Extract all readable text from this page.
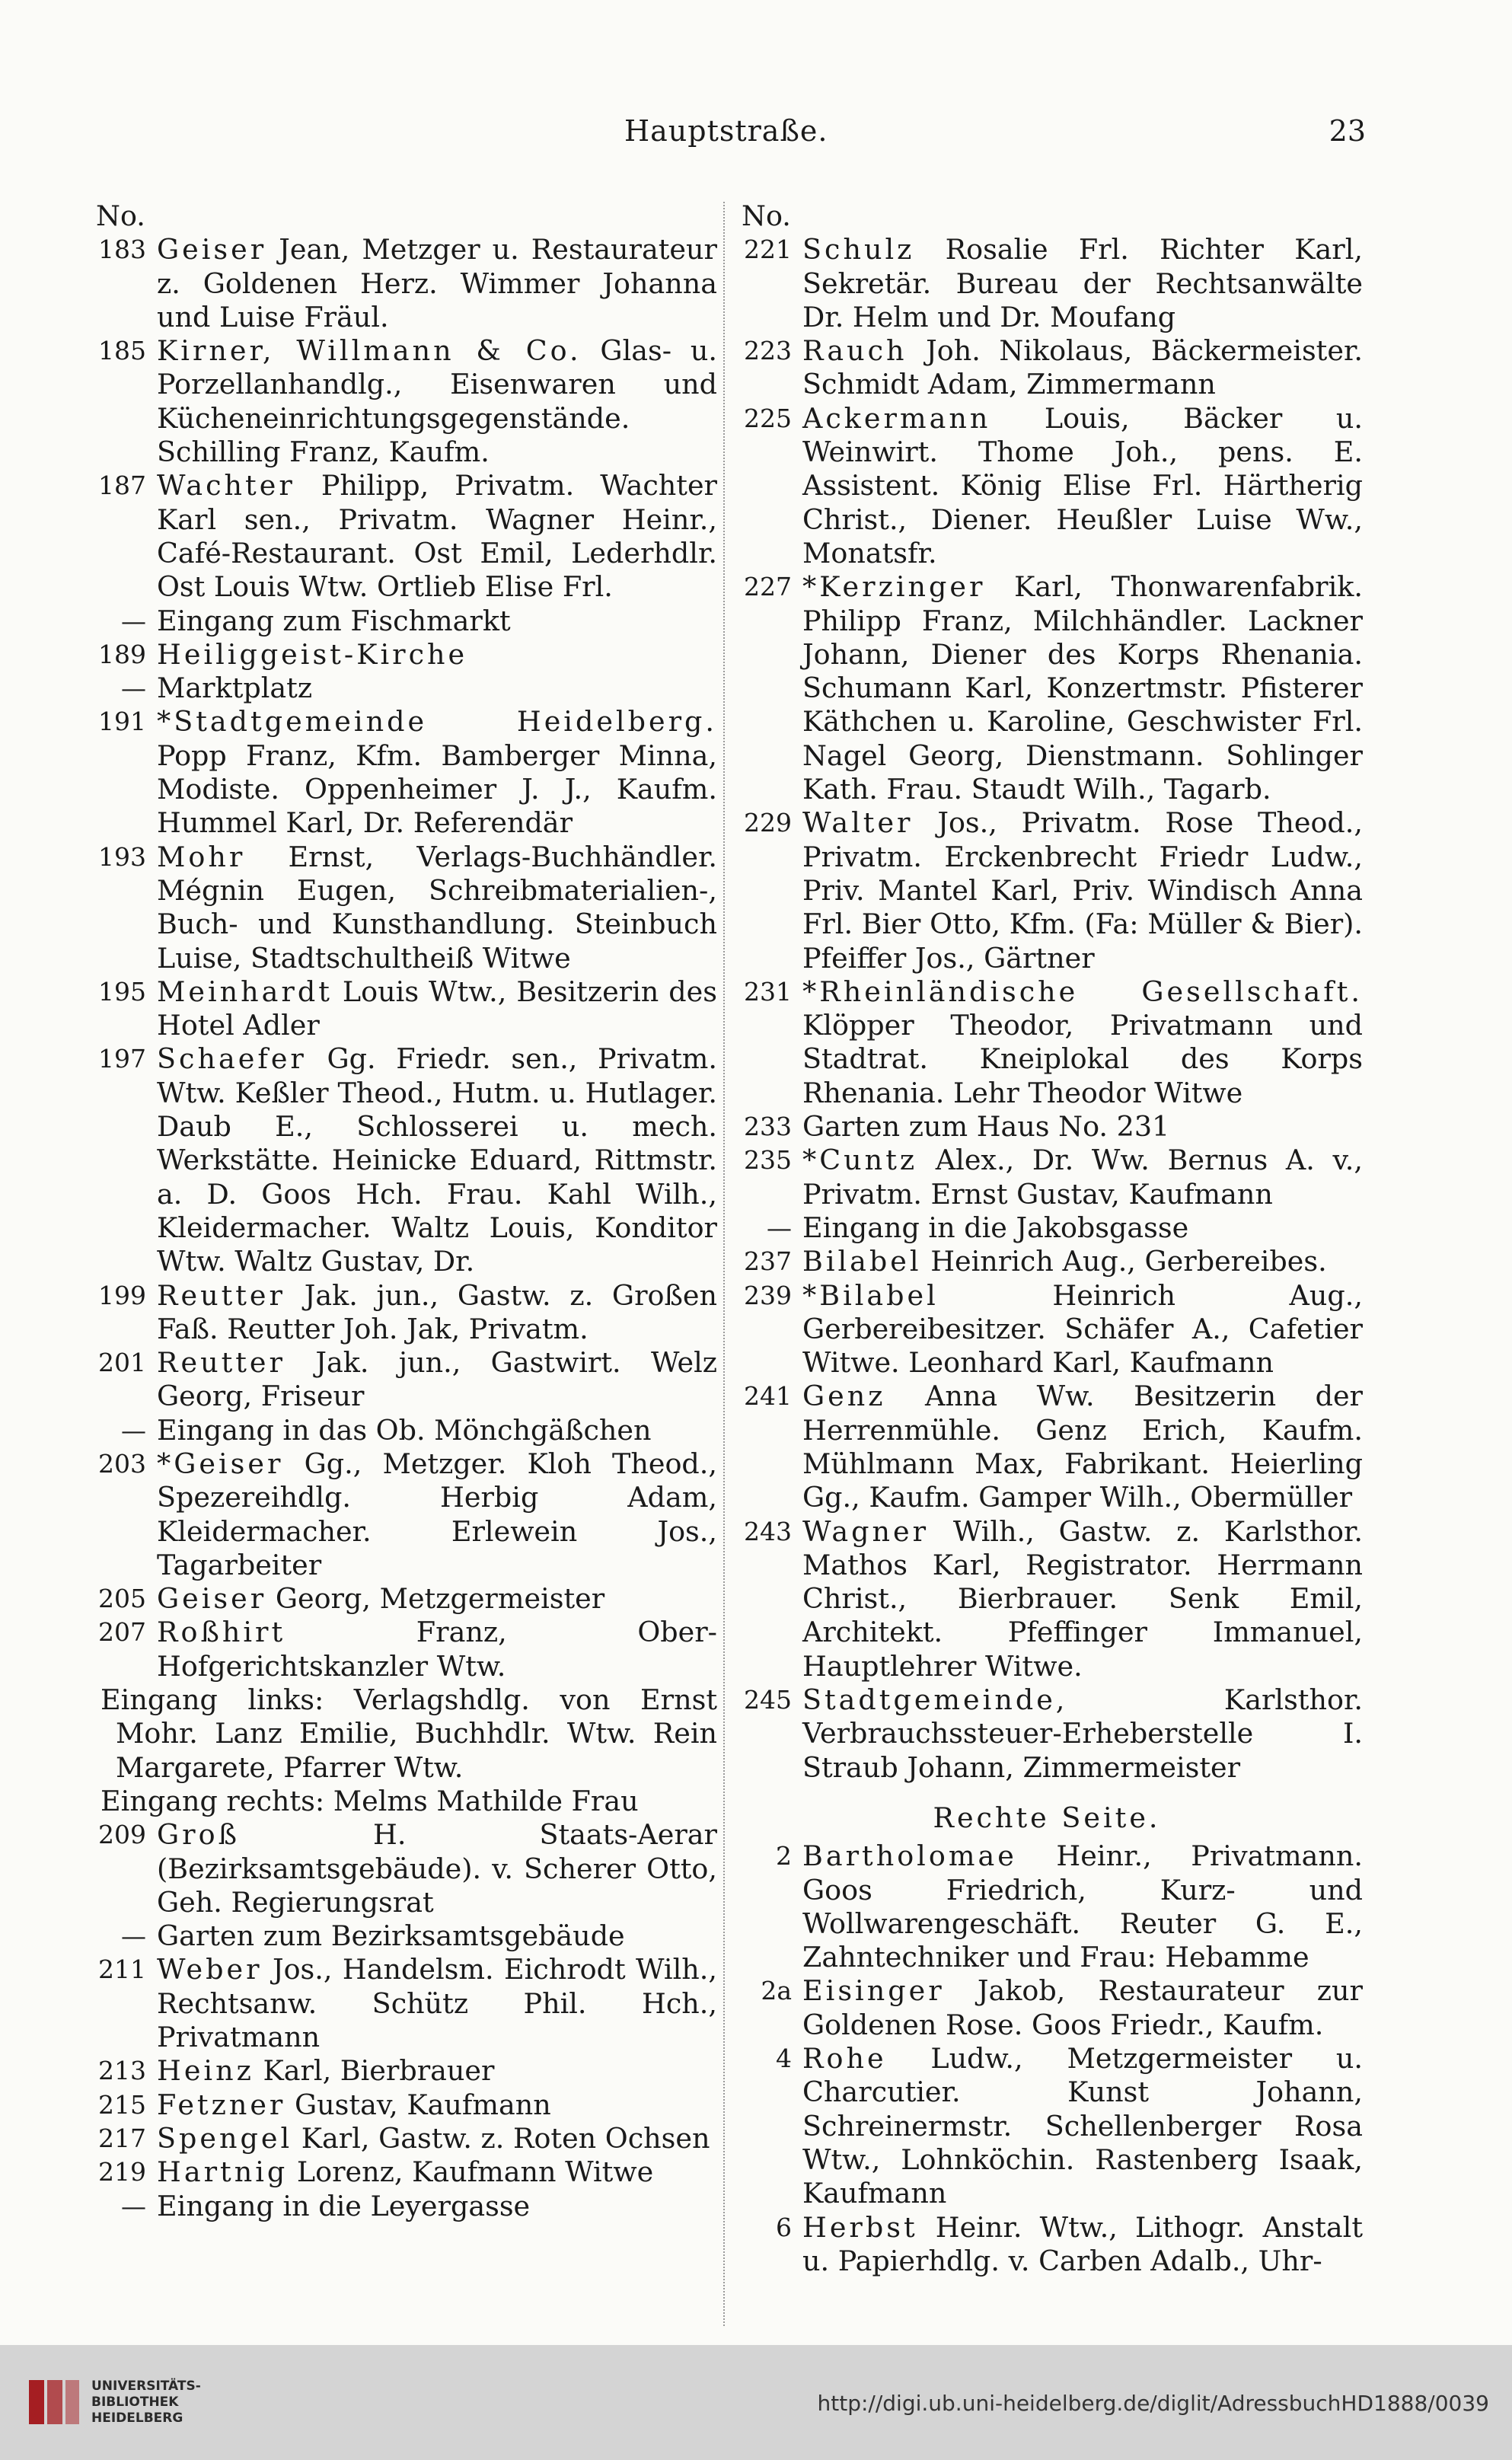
Hauptstraße.	23
No.
183 Geiser Jean, Metzger u. Restaurateur z. Goldenen Herz. Wimmer Johanna und Luise Fräul.
185 Kirner, Willmann & Co. Glas- u. Porzellanhandlg., Eisenwaren und Kücheneinrichtungsgegenstände. Schilling Franz, Kaufm.
187 Wachter Philipp, Privatm. Wachter Karl sen., Privatm. Wagner Heinr., Café-Restaurant. Ost Emil, Lederhdlr. Ost Louis Wtw. Ortlieb Elise Frl.
— Eingang zum Fischmarkt
189 Heiliggeist-Kirche
— Marktplatz
191 *Stadtgemeinde Heidelberg. Popp Franz, Kfm. Bamberger Minna, Modiste. Oppenheimer J. J., Kaufm. Hummel Karl, Dr. Referendär
193 Mohr Ernst, Verlags-Buchhändler. Mégnin Eugen, Schreibmaterialien-, Buch- und Kunsthandlung. Steinbuch Luise, Stadtschultheiß Witwe
195 Meinhardt Louis Wtw., Besitzerin des Hotel Adler
197 Schaefer Gg. Friedr. sen., Privatm. Wtw. Keßler Theod., Hutm. u. Hutlager. Daub E., Schlosserei u. mech. Werkstätte. Heinicke Eduard, Rittmstr. a. D. Goos Hch. Frau. Kahl Wilh., Kleidermacher. Waltz Louis, Konditor Wtw. Waltz Gustav, Dr.
199 Reutter Jak. jun., Gastw. z. Großen Faß. Reutter Joh. Jak, Privatm.
201 Reutter Jak. jun., Gastwirt. Welz Georg, Friseur
— Eingang in das Ob. Mönchgäßchen
203 *Geiser Gg., Metzger. Kloh Theod., Spezereihdlg. Herbig Adam, Kleidermacher. Erlewein Jos., Tagarbeiter
205 Geiser Georg, Metzgermeister
207 Roßhirt	Franz, Ober-Hofgerichtskanzler Wtw.
Eingang links: Verlagshdlg. von Ernst Mohr. Lanz Emilie, Buchhdlr. Wtw. Rein Margarete, Pfarrer Wtw.
Eingang rechts: Melms Mathilde Frau
209 Groß	H. Staats-Aerar (Bezirksamtsgebäude). v. Scherer Otto, Geh. Regierungsrat
— Garten zum Bezirksamtsgebäude
211 Weber Jos., Handelsm. Eichrodt Wilh., Rechtsanw. Schütz Phil. Hch., Privatmann
213 Heinz Karl, Bierbrauer
215 Fetzner Gustav, Kaufmann
217 Spengel Karl, Gastw. z. Roten Ochsen
219 Hartnig Lorenz, Kaufmann Witwe
— Eingang in die Leyergasse
No.
221 Schulz Rosalie Frl. Richter Karl, Sekretär. Bureau der Rechtsanwälte Dr. Helm und Dr. Moufang
223 Rauch Joh. Nikolaus, Bäckermeister. Schmidt Adam, Zimmermann
225 Ackermann Louis, Bäcker u. Weinwirt. Thome Joh., pens. E. Assistent. König Elise Frl. Härtherig Christ., Diener. Heußler Luise Ww., Monatsfr.
227 *Kerzinger Karl, Thonwarenfabrik. Philipp Franz, Milchhändler. Lackner Johann, Diener des Korps Rhenania. Schumann Karl, Konzertmstr. Pfisterer Käthchen u. Karoline, Geschwister Frl. Nagel Georg, Dienstmann. Sohlinger Kath. Frau. Staudt Wilh., Tagarb.
229 Walter Jos., Privatm. Rose Theod., Privatm. Erckenbrecht Friedr Ludw., Priv. Mantel Karl, Priv. Windisch Anna Frl. Bier Otto, Kfm. (Fa: Müller & Bier). Pfeiffer Jos., Gärtner
231 *Rheinländische Gesellschaft. Klöpper Theodor, Privatmann und Stadtrat. Kneiplokal des Korps Rhenania. Lehr Theodor Witwe
233 Garten zum Haus No. 231
235 *Cuntz Alex., Dr. Ww. Bernus A. v., Privatm. Ernst Gustav, Kaufmann
— Eingang in die Jakobsgasse
237 Bilabel Heinrich Aug., Gerbereibes.
239 *Bilabel	Heinrich Aug., Gerbereibesitzer. Schäfer A., Cafetier Witwe. Leonhard Karl, Kaufmann
241 Genz Anna Ww. Besitzerin der Herrenmühle. Genz Erich, Kaufm. Mühlmann Max, Fabrikant. Heierling Gg., Kaufm. Gamper Wilh., Obermüller
243 Wagner Wilh., Gastw. z. Karlsthor. Mathos Karl, Registrator. Herrmann Christ., Bierbrauer. Senk Emil, Architekt. Pfeffinger Immanuel, Hauptlehrer Witwe.
245 Stadtgemeinde,	Karlsthor. Verbrauchssteuer-Erheberstelle I. Straub Johann, Zimmermeister
Rechte Seite.
2 Bartholomae Heinr., Privatmann. Goos Friedrich, Kurz- und Wollwarengeschäft. Reuter G. E., Zahntechniker und Frau: Hebamme
2a Eisinger Jakob, Restaurateur zur Goldenen Rose. Goos Friedr., Kaufm.
4 Rohe Ludw., Metzgermeister u. Charcutier. Kunst Johann, Schreinermstr. Schellenberger Rosa Wtw., Lohnköchin. Rastenberg Isaak, Kaufmann
6 Herbst Heinr. Wtw., Lithogr. Anstalt u. Papierhdlg. v. Carben Adalb., Uhr-
UNIVERSITÄTS-
BIBLIOTHEK
HEIDELBERG
http://digi.ub.uni-heidelberg.de/diglit/AdressbuchHD1888/0039
